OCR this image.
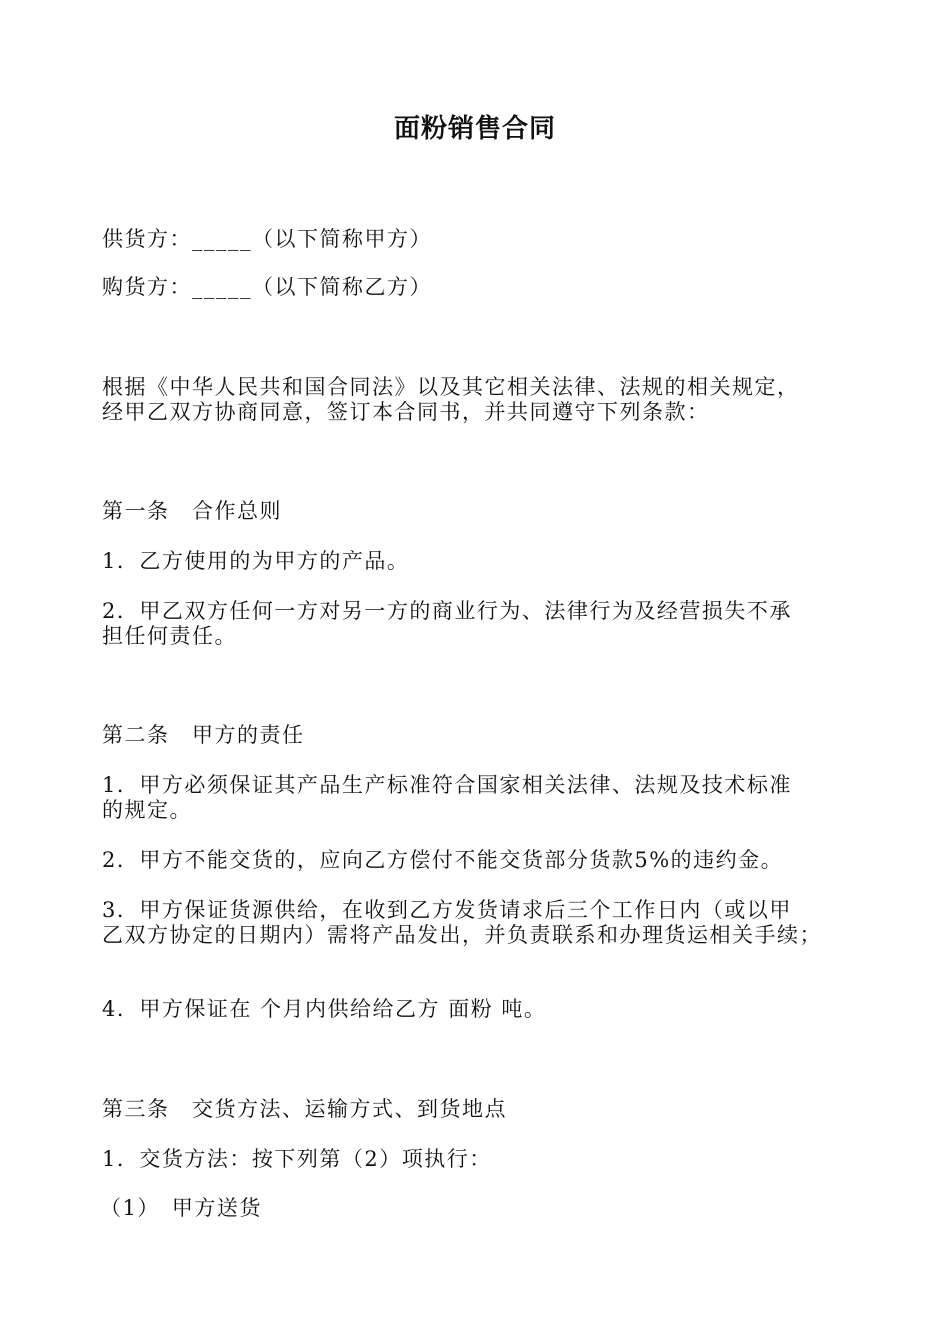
面粉销售合同
供货方：_____（以下简称甲方）
购货方：_____（以下简称乙方）
根据《中华人民共和国合同法》以及其它相关法律、法规的相关规定，
经甲乙双方协商同意，签订本合同书，并共同遵守下列条款：
第一条　合作总则
1．乙方使用的为甲方的产品。
2．甲乙双方任何一方对另一方的商业行为、法律行为及经营损失不承
担任何责任。
第二条　甲方的责任
1．甲方必须保证其产品生产标准符合国家相关法律、法规及技术标准
的规定。
2．甲方不能交货的，应向乙方偿付不能交货部分货款5%的违约金。
3．甲方保证货源供给，在收到乙方发货请求后三个工作日内（或以甲
乙双方协定的日期内）需将产品发出，并负责联系和办理货运相关手续；
4．甲方保证在 个月内供给给乙方 面粉 吨。
第三条　交货方法、运输方式、到货地点
1．交货方法：按下列第（2）项执行：
（1）　甲方送货
